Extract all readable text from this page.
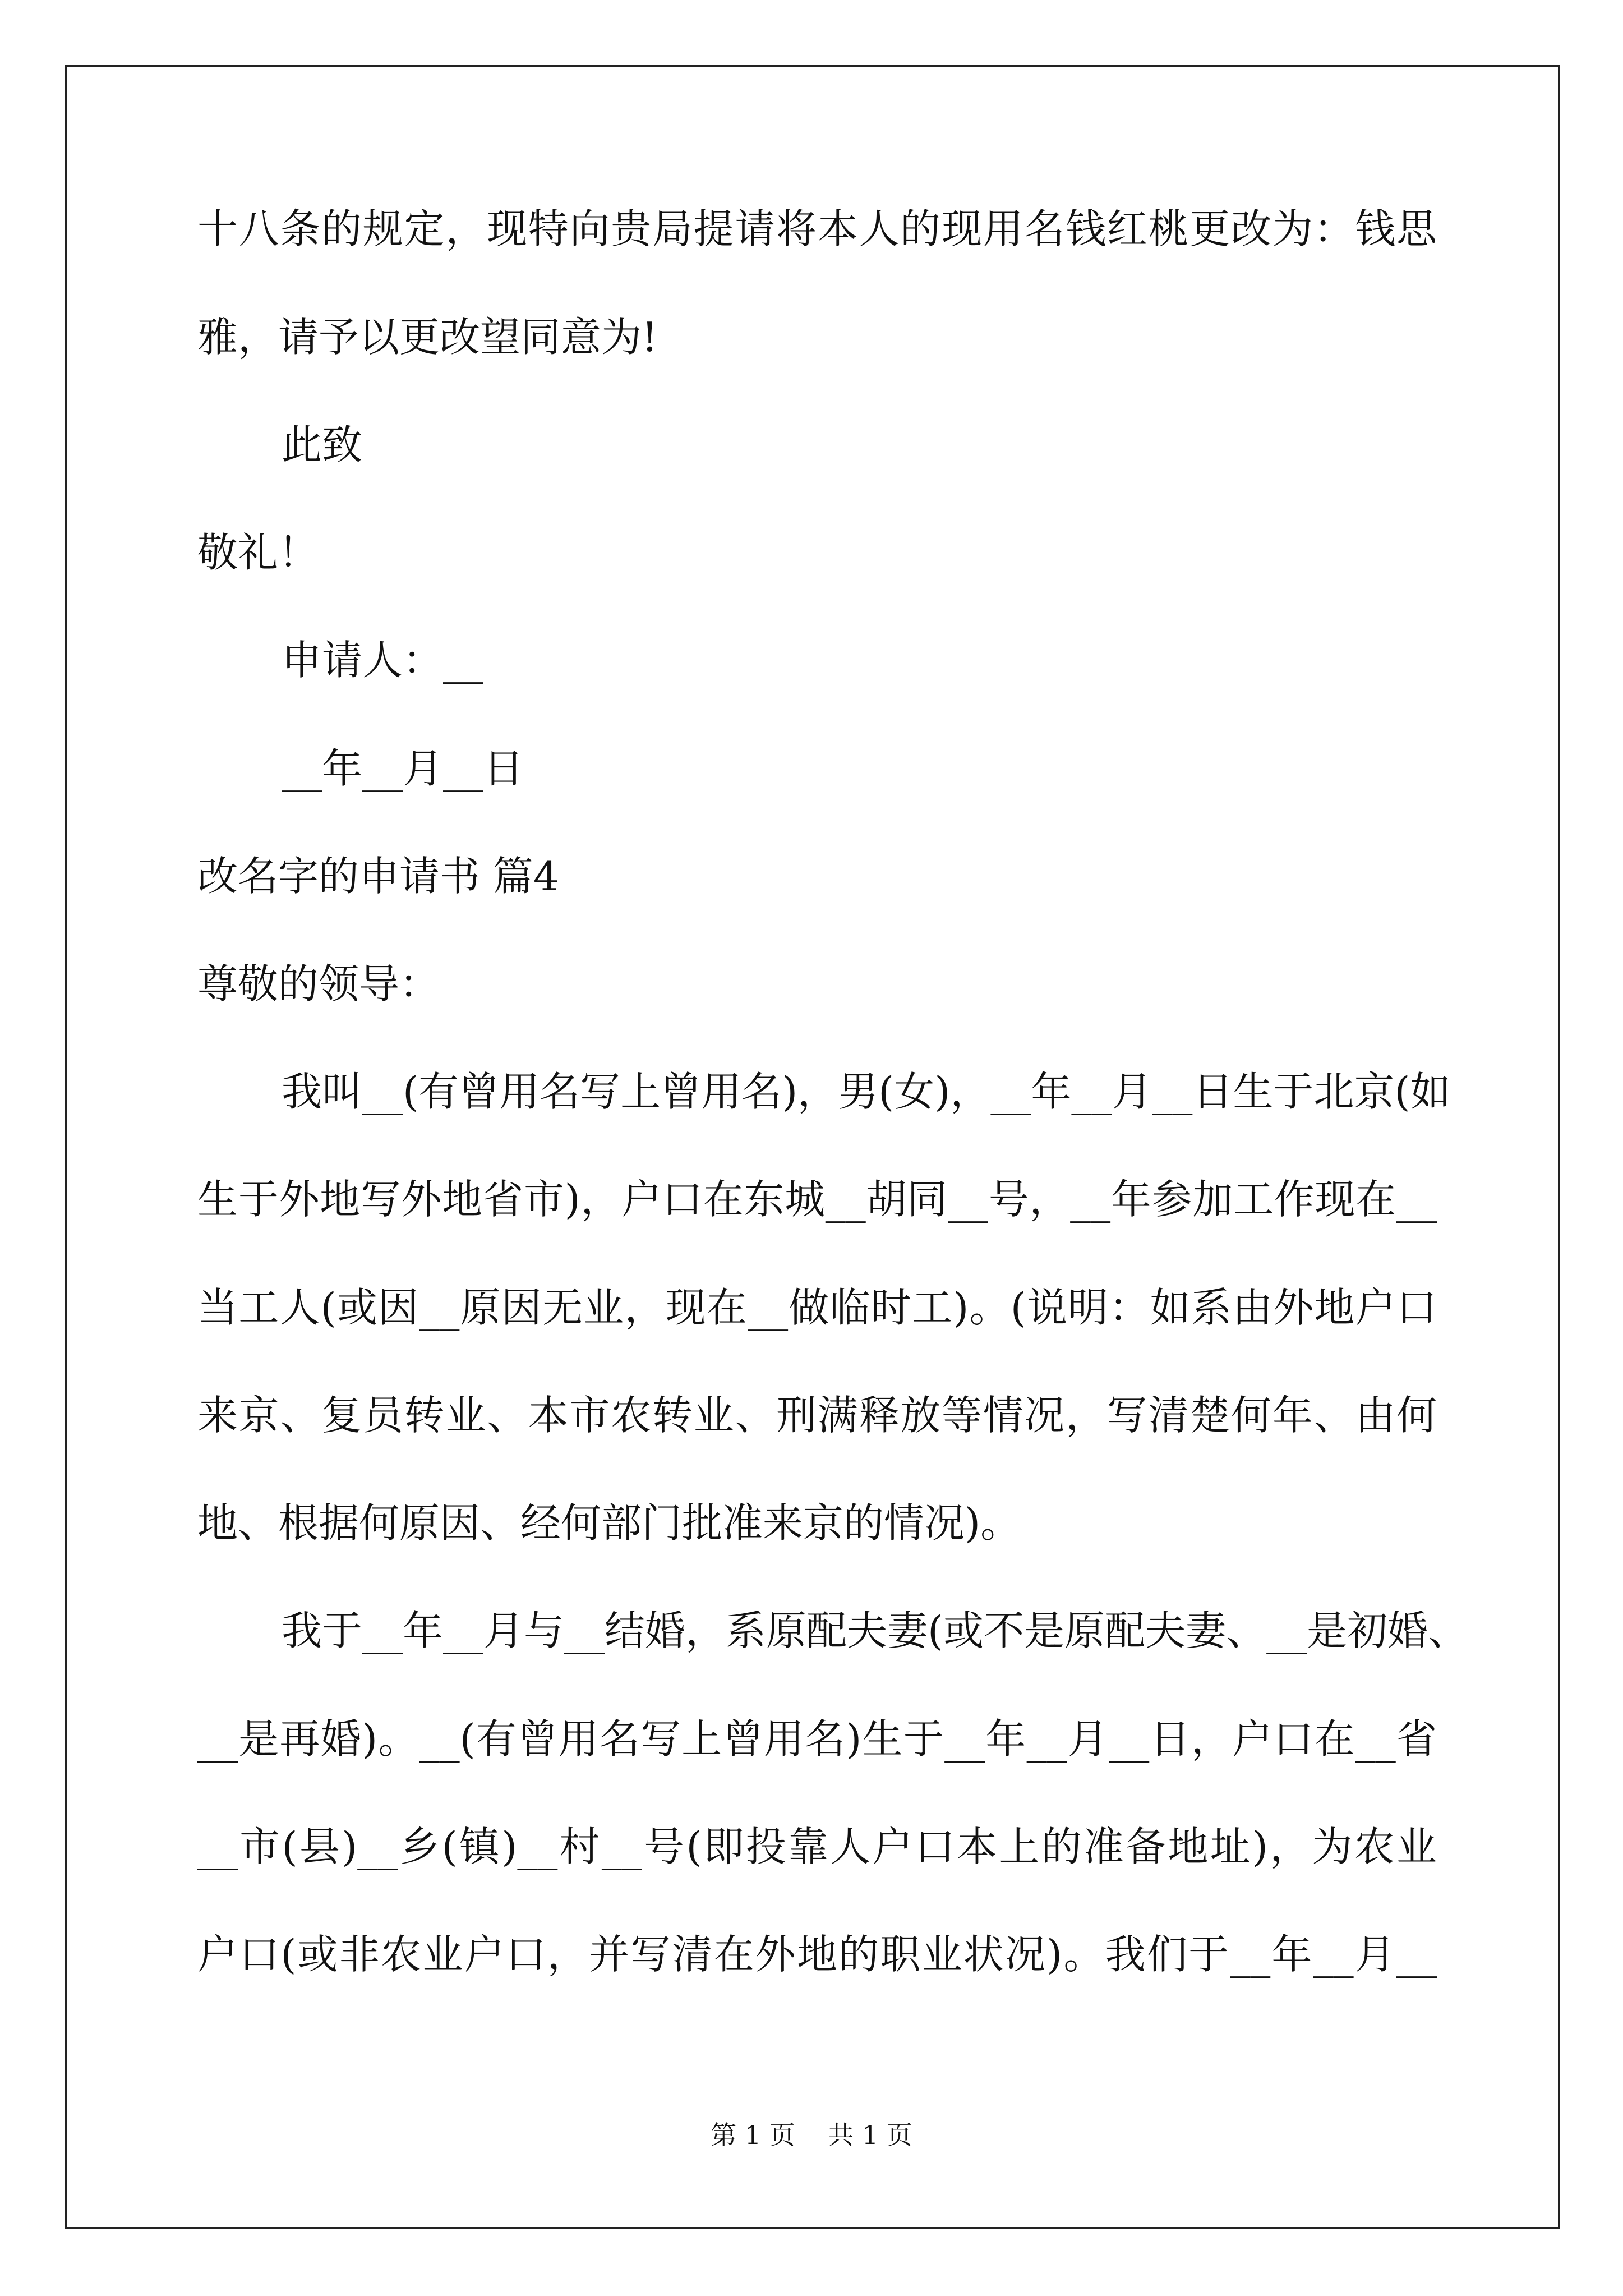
十八条的规定，现特向贵局提请将本人的现用名钱红桃更改为：钱思
雅，请予以更改望同意为!
此致
敬礼！
申请人：__
__年__月__日
改名字的申请书 篇4
尊敬的领导：
我叫__(有曾用名写上曾用名)，男(女)，__年__月__日生于北京(如
生于外地写外地省市)，户口在东城__胡同__号，__年参加工作现在__
当工人(或因__原因无业，现在__做临时工)。(说明：如系由外地户口
来京、复员转业、本市农转业、刑满释放等情况，写清楚何年、由何
地、根据何原因、经何部门批准来京的情况)。
我于__年__月与__结婚，系原配夫妻(或不是原配夫妻、__是初婚、
__是再婚)。__(有曾用名写上曾用名)生于__年__月__日，户口在__省
__市(县)__乡(镇)__村__号(即投靠人户口本上的准备地址)，为农业
户口(或非农业户口，并写清在外地的职业状况)。我们于__年__月__
第 1 页    共 1 页
